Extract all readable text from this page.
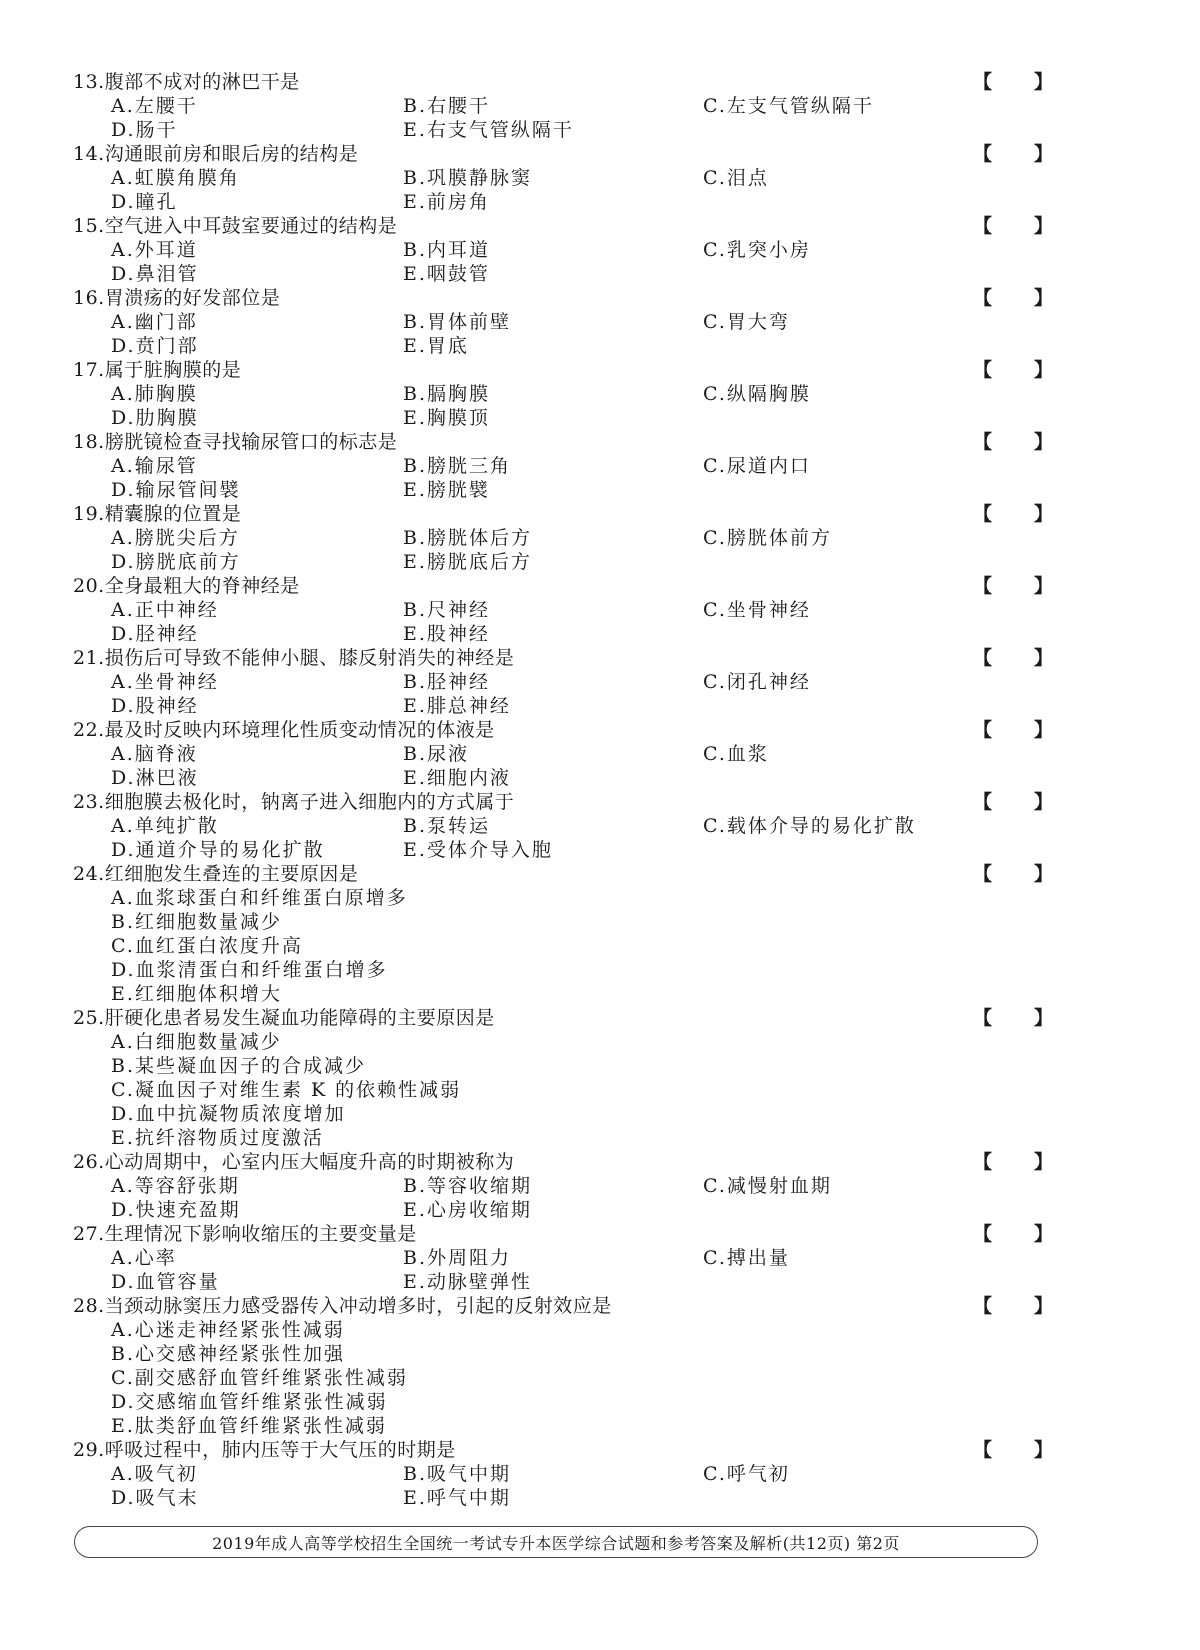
13.腹部不成对的淋巴干是	【 】
A.左腰干	B.右腰干	C.左支气管纵隔干
D.肠干	E.右支气管纵隔干
14.沟通眼前房和眼后房的结构是	【 】
A.虹膜角膜角	B.巩膜静脉窦	C.泪点
D.瞳孔	E.前房角
15.空气进入中耳鼓室要通过的结构是	【 】
A.外耳道	B.内耳道	C.乳突小房
D.鼻泪管	E.咽鼓管
16.胃溃疡的好发部位是	【 】
A.幽门部	B.胃体前壁	C.胃大弯
D.贲门部	E.胃底
17.属于脏胸膜的是	【 】
A.肺胸膜	B.膈胸膜	C.纵隔胸膜
D.肋胸膜	E.胸膜顶
18.膀胱镜检查寻找输尿管口的标志是	【 】
A.输尿管	B.膀胱三角	C.尿道内口
D.输尿管间襞	E.膀胱襞
19.精囊腺的位置是	【 】
A.膀胱尖后方	B.膀胱体后方	C.膀胱体前方
D.膀胱底前方	E.膀胱底后方
20.全身最粗大的脊神经是	【 】
A.正中神经	B.尺神经	C.坐骨神经
D.胫神经	E.股神经
21.损伤后可导致不能伸小腿、膝反射消失的神经是	【 】
A.坐骨神经	B.胫神经	C.闭孔神经
D.股神经	E.腓总神经
22.最及时反映内环境理化性质变动情况的体液是	【 】
A.脑脊液	B.尿液	C.血浆
D.淋巴液	E.细胞内液
23.细胞膜去极化时，钠离子进入细胞内的方式属于	【 】
A.单纯扩散	B.泵转运	C.载体介导的易化扩散
D.通道介导的易化扩散	E.受体介导入胞
24.红细胞发生叠连的主要原因是	【 】
A.血浆球蛋白和纤维蛋白原增多
B.红细胞数量减少
C.血红蛋白浓度升高
D.血浆清蛋白和纤维蛋白增多
E.红细胞体积增大
25.肝硬化患者易发生凝血功能障碍的主要原因是	【 】
A.白细胞数量减少
B.某些凝血因子的合成减少
C.凝血因子对维生素 K 的依赖性减弱
D.血中抗凝物质浓度增加
E.抗纤溶物质过度激活
26.心动周期中，心室内压大幅度升高的时期被称为	【 】
A.等容舒张期	B.等容收缩期	C.减慢射血期
D.快速充盈期	E.心房收缩期
27.生理情况下影响收缩压的主要变量是	【 】
A.心率	B.外周阻力	C.搏出量
D.血管容量	E.动脉壁弹性
28.当颈动脉窦压力感受器传入冲动增多时，引起的反射效应是	【 】
A.心迷走神经紧张性减弱
B.心交感神经紧张性加强
C.副交感舒血管纤维紧张性减弱
D.交感缩血管纤维紧张性减弱
E.肽类舒血管纤维紧张性减弱
29.呼吸过程中，肺内压等于大气压的时期是	【 】
A.吸气初	B.吸气中期	C.呼气初
D.吸气末	E.呼气中期
2019年成人高等学校招生全国统一考试专升本医学综合试题和参考答案及解析(共12页) 第2页
